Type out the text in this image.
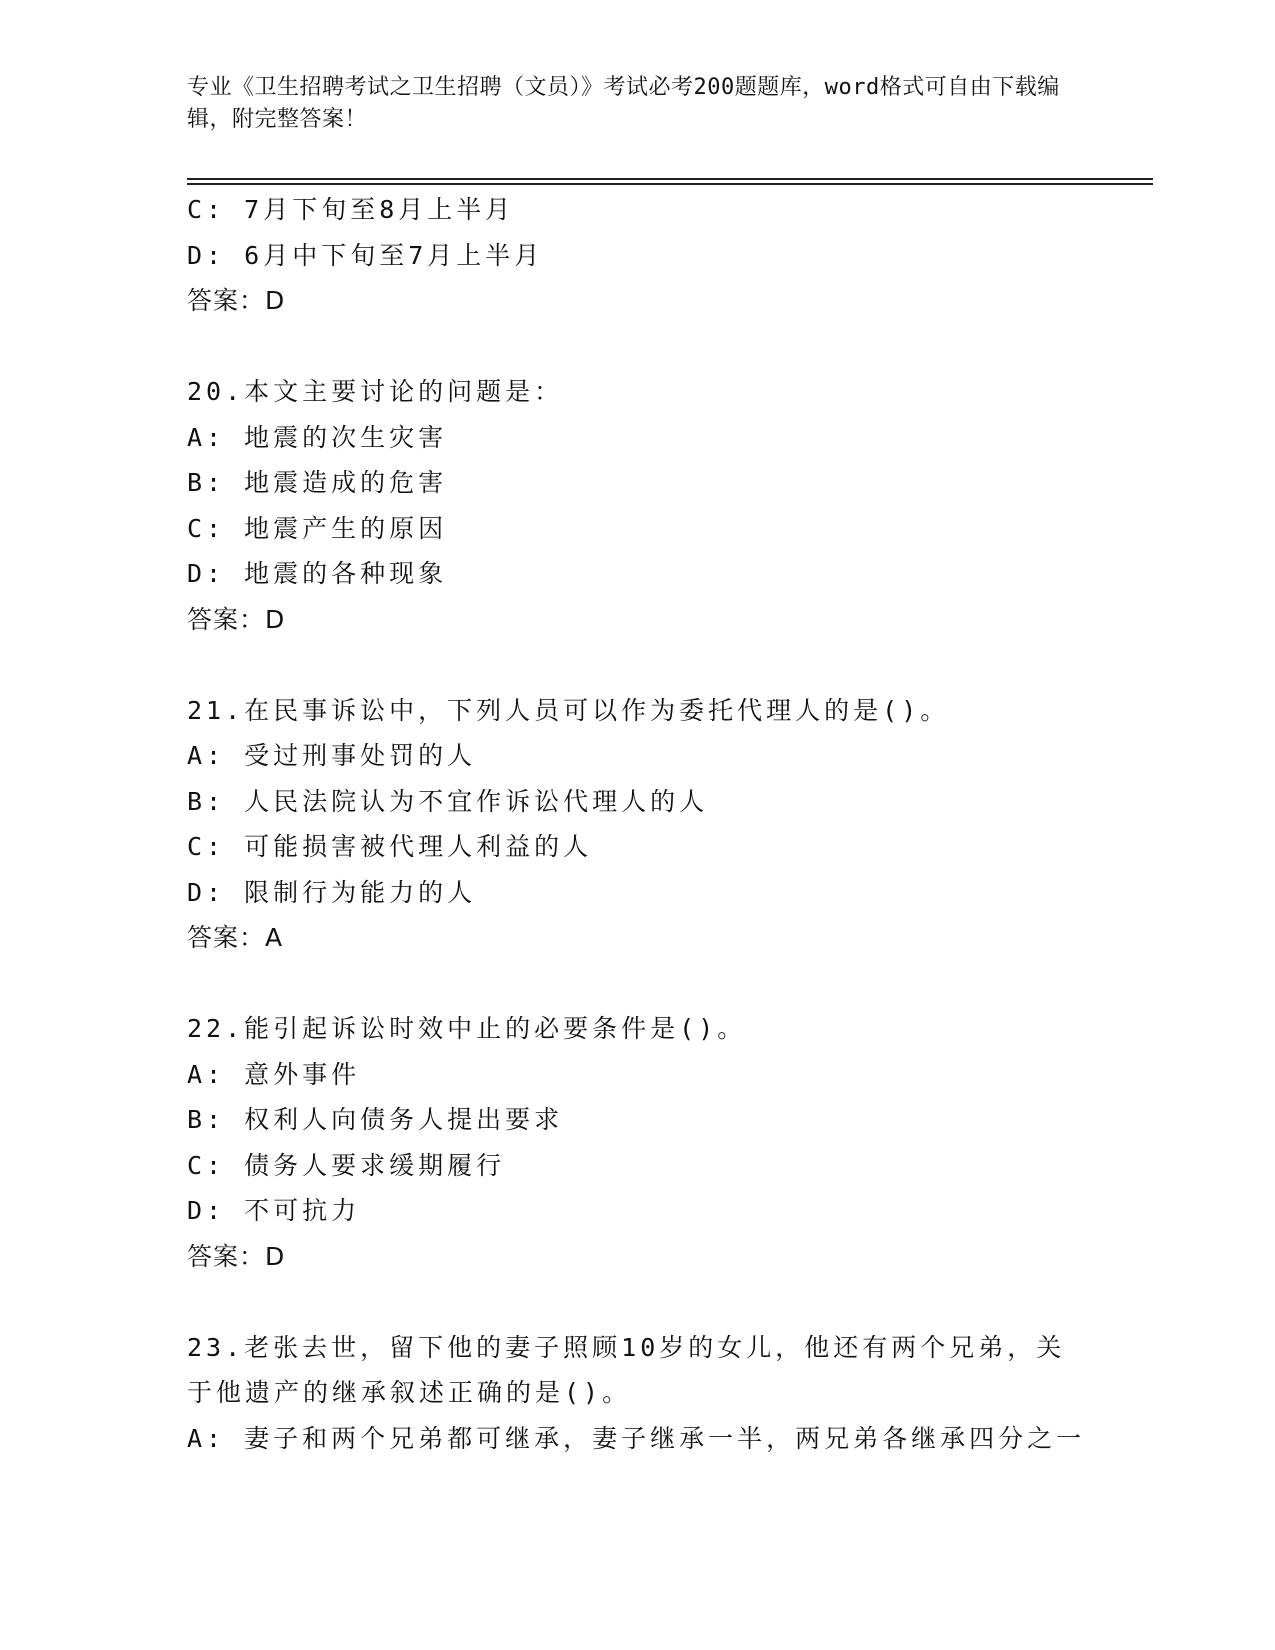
专业《卫生招聘考试之卫生招聘（文员）》考试必考200题题库，word格式可自由下载编辑，附完整答案！
C: 7月下旬至8月上半月
D: 6月中下旬至7月上半月
答案：D
20.本文主要讨论的问题是：
A: 地震的次生灾害
B: 地震造成的危害
C: 地震产生的原因
D: 地震的各种现象
答案：D
21.在民事诉讼中，下列人员可以作为委托代理人的是()。
A: 受过刑事处罚的人
B: 人民法院认为不宜作诉讼代理人的人
C: 可能损害被代理人利益的人
D: 限制行为能力的人
答案：A
22.能引起诉讼时效中止的必要条件是()。
A: 意外事件
B: 权利人向债务人提出要求
C: 债务人要求缓期履行
D: 不可抗力
答案：D
23.老张去世，留下他的妻子照顾10岁的女儿，他还有两个兄弟，关
于他遗产的继承叙述正确的是()。
A: 妻子和两个兄弟都可继承，妻子继承一半，两兄弟各继承四分之一
